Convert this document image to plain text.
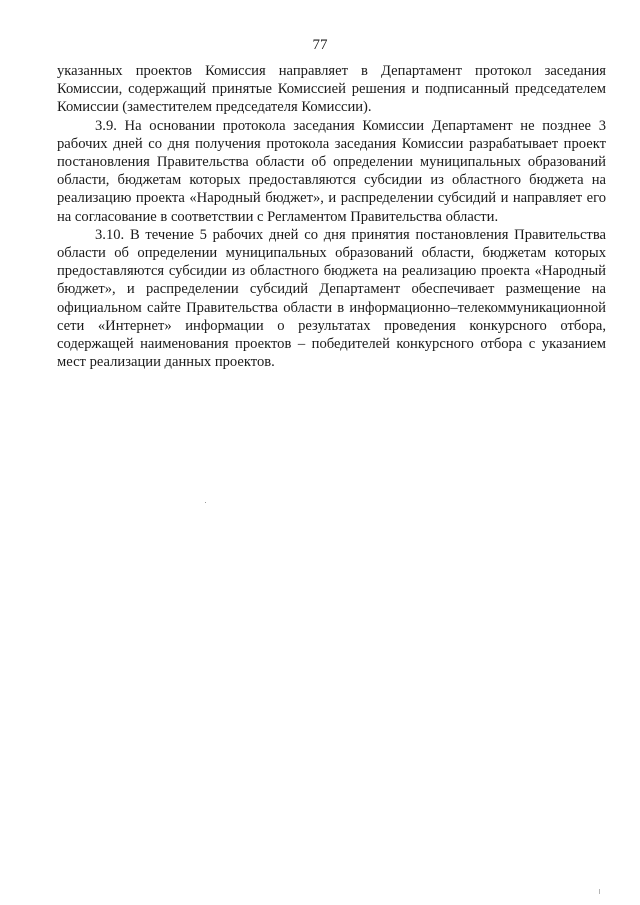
77

указанных проектов Комиссия направляет в Департамент протокол заседания Комиссии, содержащий принятые Комиссией решения и подписанный председателем Комиссии (заместителем председателя Комиссии).

3.9. На основании протокола заседания Комиссии Департамент не позднее 3 рабочих дней со дня получения протокола заседания Комиссии разрабатывает проект постановления Правительства области об определении муниципальных образований области, бюджетам которых предоставляются субсидии из областного бюджета на реализацию проекта «Народный бюджет», и распределении субсидий и направляет его на согласование в соответствии с Регламентом Правительства области.

3.10. В течение 5 рабочих дней со дня принятия постановления Правительства области об определении муниципальных образований области, бюджетам которых предоставляются субсидии из областного бюджета на реализацию проекта «Народный бюджет», и распределении субсидий Департамент обеспечивает размещение на официальном сайте Правительства области в информационно–телекоммуникационной сети «Интернет» информации о результатах проведения конкурсного отбора, содержащей наименования проектов – победителей конкурсного отбора с указанием мест реализации данных проектов.
